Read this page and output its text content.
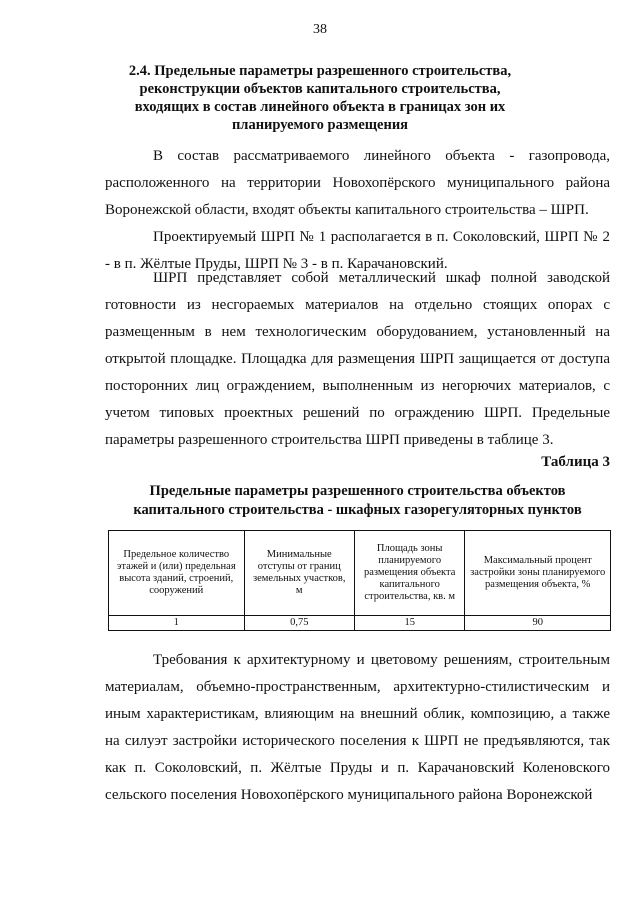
38
2.4. Предельные параметры разрешенного строительства, реконструкции объектов капитального строительства, входящих в состав линейного объекта в границах зон их планируемого размещения

В состав рассматриваемого линейного объекта - газопровода, расположенного на территории Новохопёрского муниципального района Воронежской области, входят объекты капитального строительства – ШРП.

Проектируемый ШРП № 1 располагается в п. Соколовский, ШРП № 2 - в п. Жёлтые Пруды, ШРП № 3 - в п. Карачановский.

ШРП представляет собой металлический шкаф полной заводской готовности из несгораемых материалов на отдельно стоящих опорах с размещенным в нем технологическим оборудованием, установленный на открытой площадке. Площадка для размещения ШРП защищается от доступа посторонних лиц ограждением, выполненным из негорючих материалов, с учетом типовых проектных решений по ограждению ШРП. Предельные параметры разрешенного строительства ШРП приведены в таблице 3.

Таблица 3
Предельные параметры разрешенного строительства объектов капитального строительства - шкафных газорегуляторных пунктов
Предельное количество этажей и (или) предельная высота зданий, строений, сооружений	Минимальные отступы от границ земельных участков, м	Площадь зоны планируемого размещения объекта капитального строительства, кв. м	Максимальный процент застройки зоны планируемого размещения объекта, %
1	0,75	15	90

Требования к архитектурному и цветовому решениям, строительным материалам, объемно-пространственным, архитектурно-стилистическим и иным характеристикам, влияющим на внешний облик, композицию, а также на силуэт застройки исторического поселения к ШРП не предъявляются, так как п. Соколовский, п. Жёлтые Пруды и п. Карачановский Коленовского сельского поселения Новохопёрского муниципального района Воронежской
